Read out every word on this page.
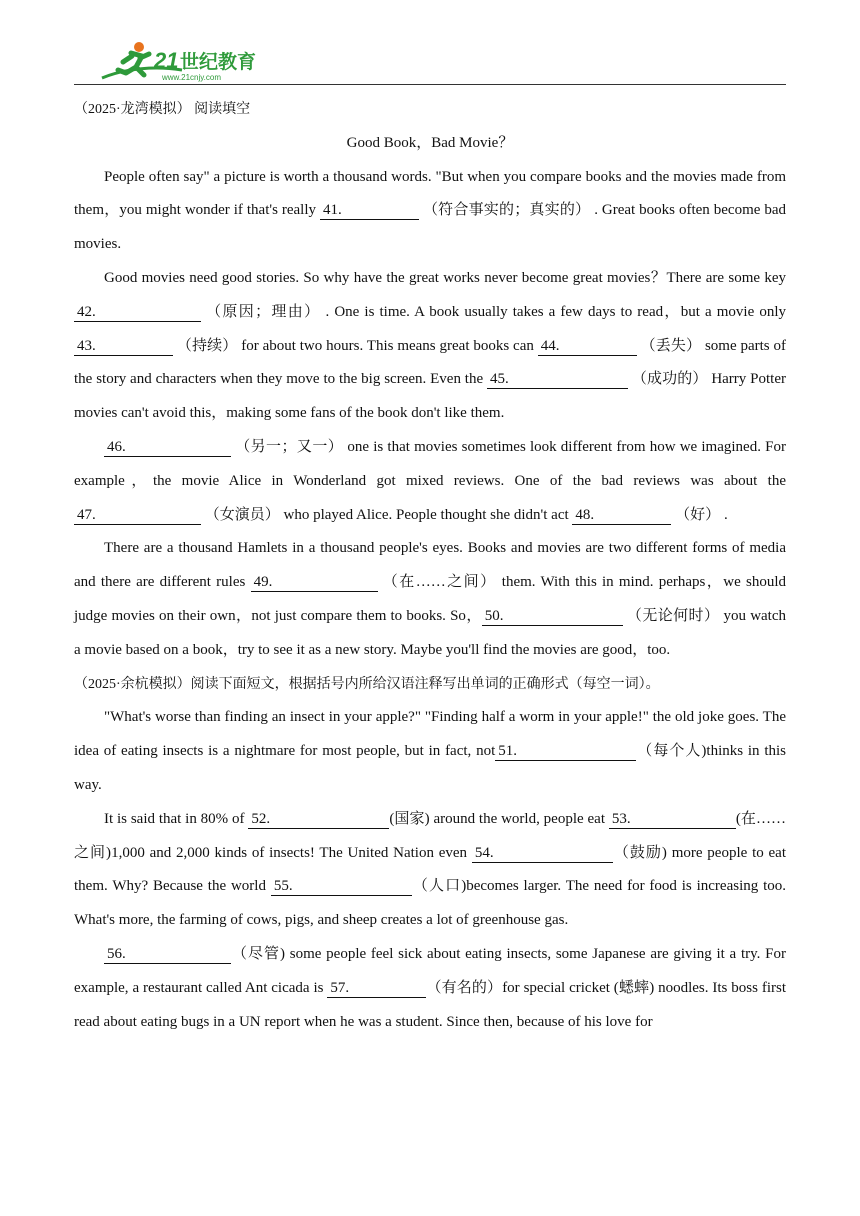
21 世纪教育
www.21cnjy.com

（2025·龙湾模拟） 阅读填空

Good Book，Bad Movie？

People often say" a picture is worth a thousand words. "But when you compare books and the movies made from them，you might wonder if that's really 41.	（符合事实的；真实的） . Great books often become bad movies.

Good movies need good stories. So why have the great works never become great movies？There are some key 42.	（原因；理由） . One is time. A book usually takes a few days to read，but a movie only 43.	（持续） for about two hours. This means great books can 44.	（丢失） some parts of the story and characters when they move to the big screen. Even the 45.	（成功的） Harry Potter movies can't avoid this，making some fans of the book don't like them.

46.	（另一；又一） one is that movies sometimes look different from how we imagined. For example，the movie Alice in Wonderland got mixed reviews. One of the bad reviews was about the 47.	（女演员） who played Alice. People thought she didn't act 48.	（好） .

There are a thousand Hamlets in a thousand people's eyes. Books and movies are two different forms of media and there are different rules 49.	（在……之间） them. With this in mind. perhaps，we should judge movies on their own，not just compare them to books. So， 50.	（无论何时） you watch a movie based on a book，try to see it as a new story. Maybe you'll find the movies are good，too.

（2025·余杭模拟）阅读下面短文，根据括号内所给汉语注释写出单词的正确形式（每空一词）。

"What's worse than finding an insect in your apple?" "Finding half a worm in your apple!" the old joke goes. The idea of eating insects is a nightmare for most people, but in fact, not 51.	（每个人)thinks in this way.

It is said that in 80% of 52.	(国家) around the world, people eat 53.	(在……之间)1,000 and 2,000 kinds of insects! The United Nation even 54.	（鼓励) more people to eat them. Why? Because the world 55.	（人口)becomes larger. The need for food is increasing too. What's more, the farming of cows, pigs, and sheep creates a lot of greenhouse gas.

56.	（尽管) some people feel sick about eating insects, some Japanese are giving it a try. For example, a restaurant called Ant cicada is 57.	（有名的）for special cricket (蟋蟀) noodles. Its boss first read about eating bugs in a UN report when he was a student. Since then, because of his love for
